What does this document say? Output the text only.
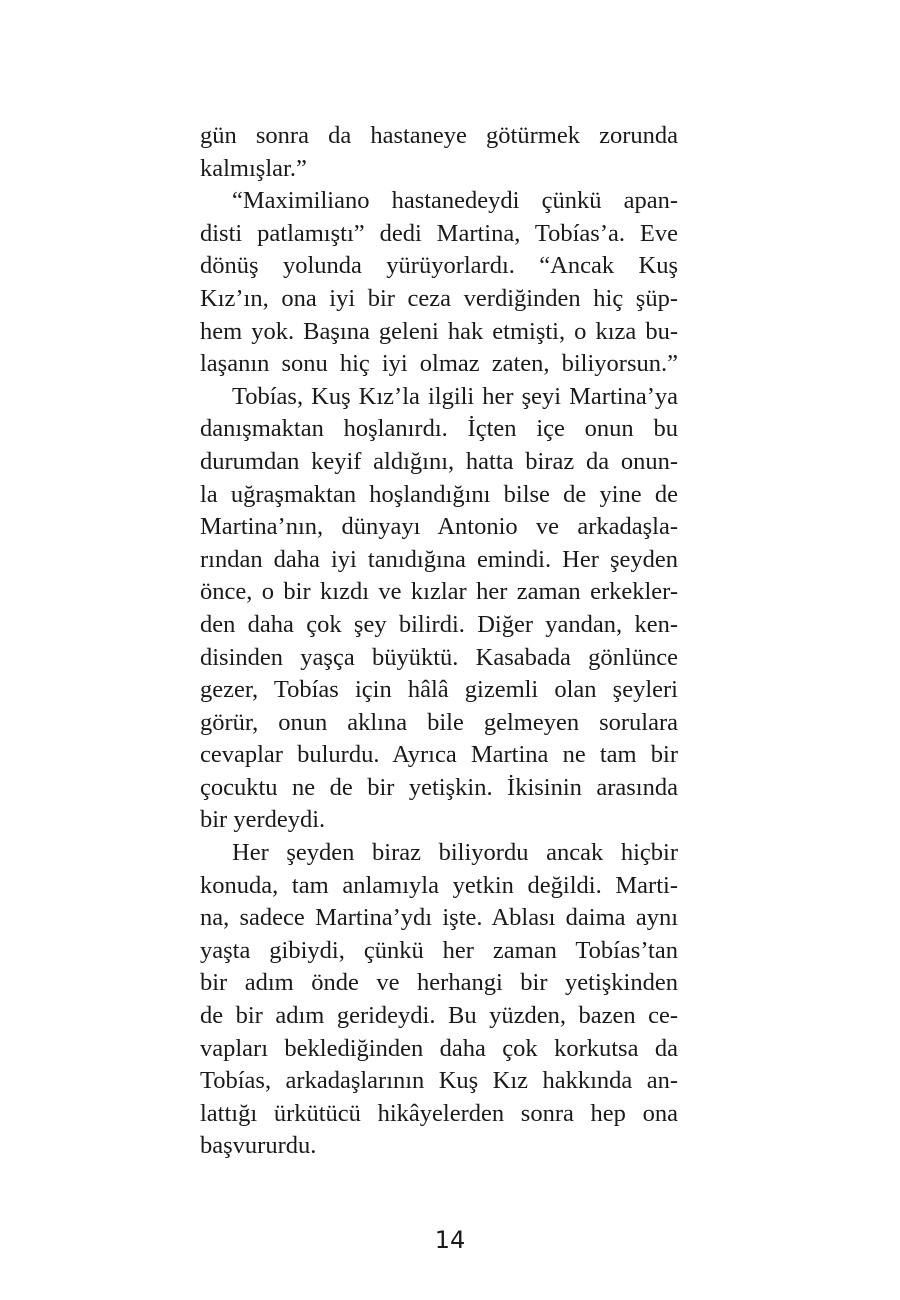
gün sonra da hastaneye götürmek zorunda
kalmışlar.”

“Maximiliano hastanedeydi çünkü apan-
disti patlamıştı” dedi Martina, Tobías’a. Eve
dönüş yolunda yürüyorlardı. “Ancak Kuş
Kız’ın, ona iyi bir ceza verdiğinden hiç şüp-
hem yok. Başına geleni hak etmişti, o kıza bu-
laşanın sonu hiç iyi olmaz zaten, biliyorsun.”

Tobías, Kuş Kız’la ilgili her şeyi Martina’ya
danışmaktan hoşlanırdı. İçten içe onun bu
durumdan keyif aldığını, hatta biraz da onun-
la uğraşmaktan hoşlandığını bilse de yine de
Martina’nın, dünyayı Antonio ve arkadaşla-
rından daha iyi tanıdığına emindi. Her şeyden
önce, o bir kızdı ve kızlar her zaman erkekler-
den daha çok şey bilirdi. Diğer yandan, ken-
disinden yaşça büyüktü. Kasabada gönlünce
gezer, Tobías için hâlâ gizemli olan şeyleri
görür, onun aklına bile gelmeyen sorulara
cevaplar bulurdu. Ayrıca Martina ne tam bir
çocuktu ne de bir yetişkin. İkisinin arasında
bir yerdeydi.

Her şeyden biraz biliyordu ancak hiçbir
konuda, tam anlamıyla yetkin değildi. Marti-
na, sadece Martina’ydı işte. Ablası daima aynı
yaşta gibiydi, çünkü her zaman Tobías’tan
bir adım önde ve herhangi bir yetişkinden
de bir adım gerideydi. Bu yüzden, bazen ce-
vapları beklediğinden daha çok korkutsa da
Tobías, arkadaşlarının Kuş Kız hakkında an-
lattığı ürkütücü hikâyelerden sonra hep ona
başvururdu.

14
